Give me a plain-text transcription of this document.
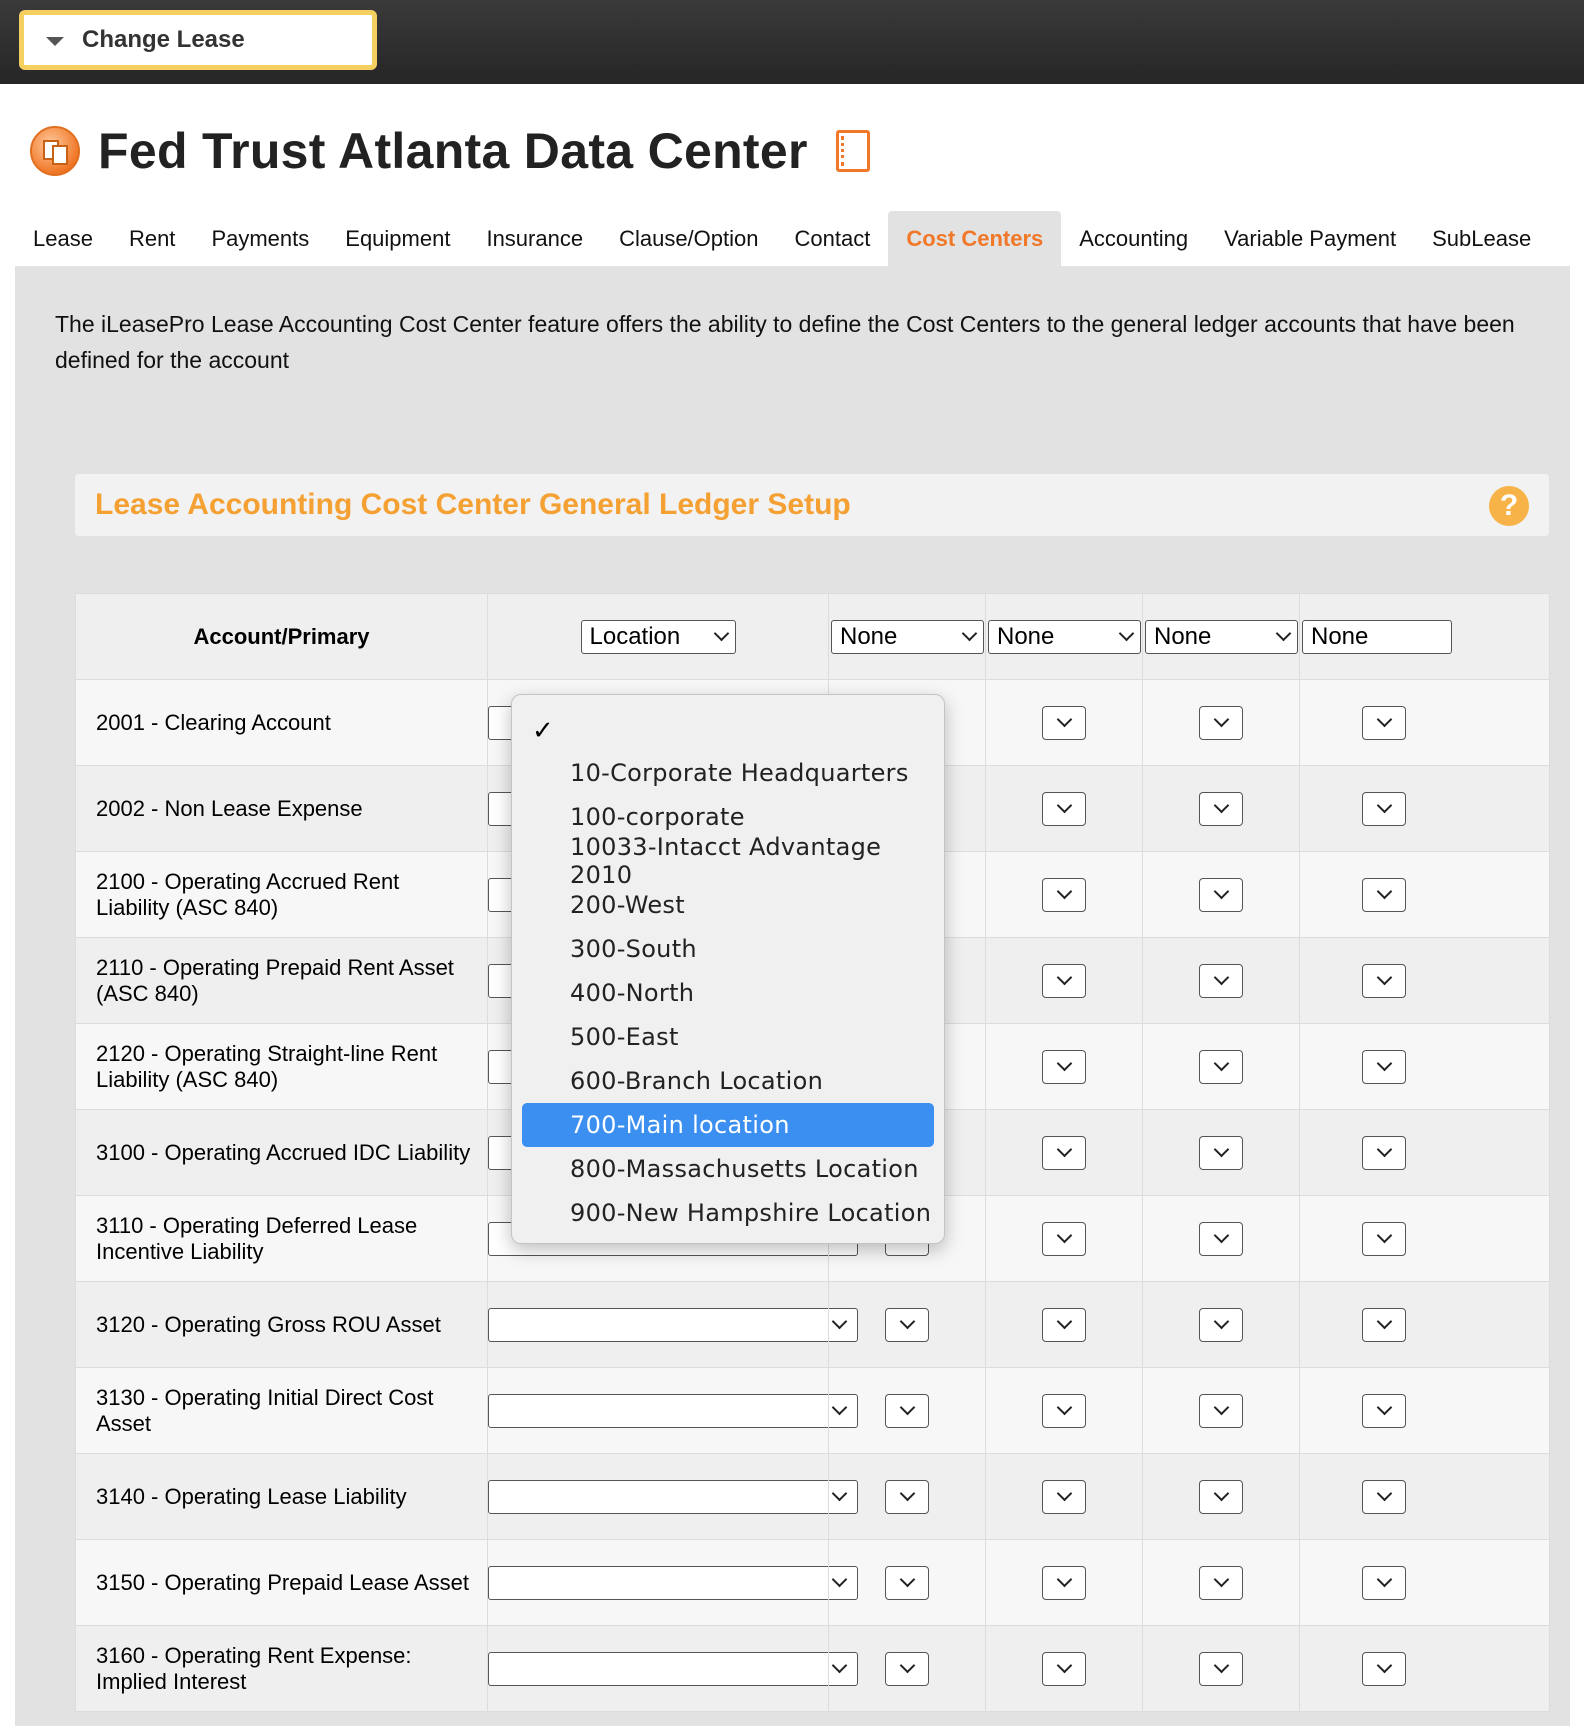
Change Lease
Fed Trust Atlanta Data Center
Lease	Rent	Payments	Equipment	Insurance	Clause/Option	Contact	Cost Centers	Accounting	Variable Payment	SubLease

The iLeasePro Lease Accounting Cost Center feature offers the ability to define the Cost Centers to the general ledger accounts that have been defined for the account

Lease Accounting Cost Center General Ledger Setup	?
Account/Primary	Location	None	None	None	None

2001 - Clearing Account	

2002 - Non Lease Expense	

2100 - Operating Accrued Rent Liability (ASC 840)	

2110 - Operating Prepaid Rent Asset (ASC 840)	

2120 - Operating Straight-line Rent Liability (ASC 840)	

3100 - Operating Accrued IDC Liability	

3110 - Operating Deferred Lease Incentive Liability	

3120 - Operating Gross ROU Asset	

3130 - Operating Initial Direct Cost Asset	

3140 - Operating Lease Liability	

3150 - Operating Prepaid Lease Asset	

3160 - Operating Rent Expense: Implied Interest	

✓
10-Corporate Headquarters
100-corporate
10033-Intacct Advantage 2010
200-West
300-South
400-North
500-East
600-Branch Location
700-Main location
800-Massachusetts Location
900-New Hampshire Location
